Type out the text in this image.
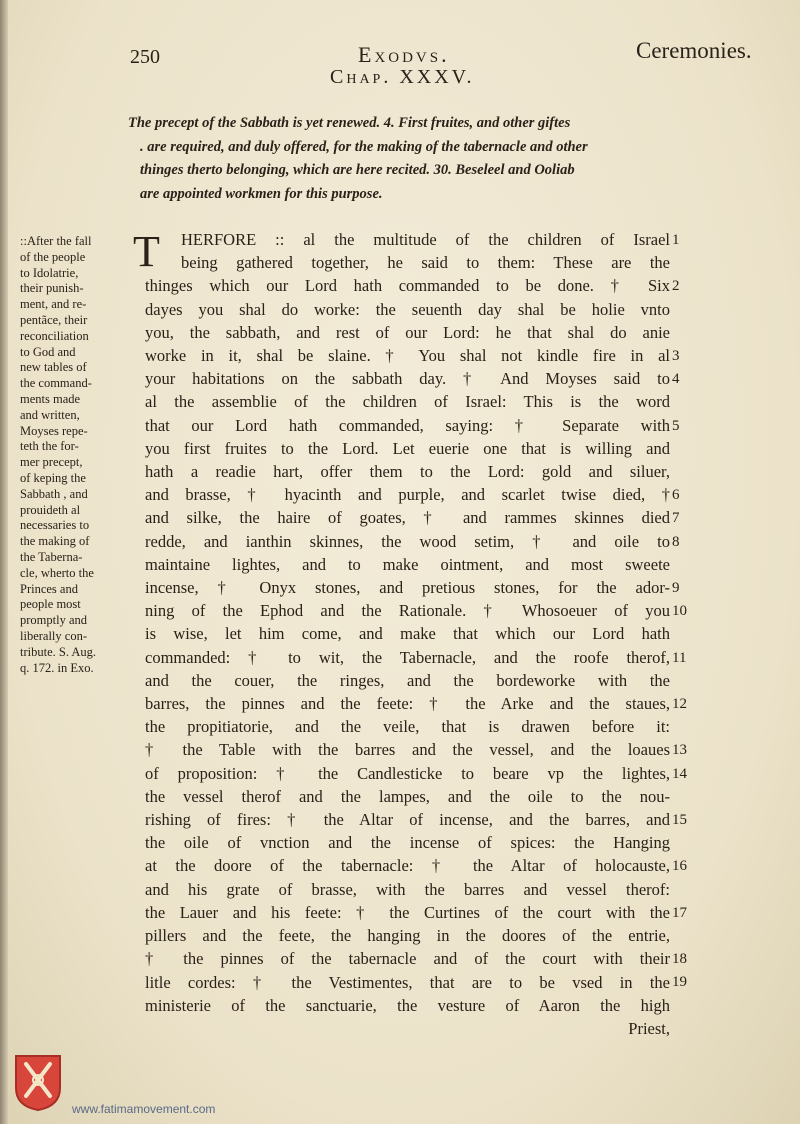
250	Exodvs.	Ceremonies.
Chap. XXXV.
The precept of the Sabbath is yet renewed. 4. First fruites, and other giftes
. are required, and duly offered, for the making of the tabernacle and other
thinges therto belonging, which are here recited. 30. Beseleel and Ooliab
are appointed workmen for this purpose.
::After the fall
of the people
to Idolatrie,
their punish-
ment, and re-
pentãce, their
reconciliation
to God and
new tables of
the command-
ments made
and written,
Moyses repe-
teth the for-
mer precept,
of keping the
Sabbath , and
prouideth al
necessaries to
the making of
the Taberna-
cle, wherto the
Princes and
people most
promptly and
liberally con-
tribute. S. Aug.
q. 172. in Exo.
T	HERFORE :: al the multitude of the children of Israel
being gathered together, he said to them: These are the
thinges which our Lord hath commanded to be done. † Six
dayes you shal do worke: the seuenth day shal be holie vnto
you, the sabbath, and rest of our Lord: he that shal do anie
worke in it, shal be slaine. † You shal not kindle fire in al
your habitations on the sabbath day. † And Moyses said to
al the assemblie of the children of Israel: This is the word
that our Lord hath commanded, saying: † Separate with
you first fruites to the Lord. Let euerie one that is willing and
hath a readie hart, offer them to the Lord: gold and siluer,
and brasse, † hyacinth and purple, and scarlet twise died, †
and silke, the haire of goates, † and rammes skinnes died
redde, and ianthin skinnes, the wood setim, † and oile to
maintaine lightes, and to make ointment, and most sweete
incense, † Onyx stones, and pretious stones, for the ador-
ning of the Ephod and the Rationale. † Whosoeuer of you
is wise, let him come, and make that which our Lord hath
commanded: † to wit, the Tabernacle, and the roofe therof,
and the couer, the ringes, and the bordeworke with the
barres, the pinnes and the feete: † the Arke and the staues,
the propitiatorie, and the veile, that is drawen before it:
† the Table with the barres and the vessel, and the loaues
of proposition: † the Candlesticke to beare vp the lightes,
the vessel therof and the lampes, and the oile to the nou-
rishing of fires: † the Altar of incense, and the barres, and
the oile of vnction and the incense of spices: the Hanging
at the doore of the tabernacle: † the Altar of holocauste,
and his grate of brasse, with the barres and vessel therof:
the Lauer and his feete: † the Curtines of the court with the
pillers and the feete, the hanging in the doores of the entrie,
† the pinnes of the tabernacle and of the court with their
litle cordes: † the Vestimentes, that are to be vsed in the
ministerie of the sanctuarie, the vesture of Aaron the high
Priest,
1
2
3
4
5
6
7
8
9
10
11
12
13
14
15
16
17
18
19
www.fatimamovement.com
